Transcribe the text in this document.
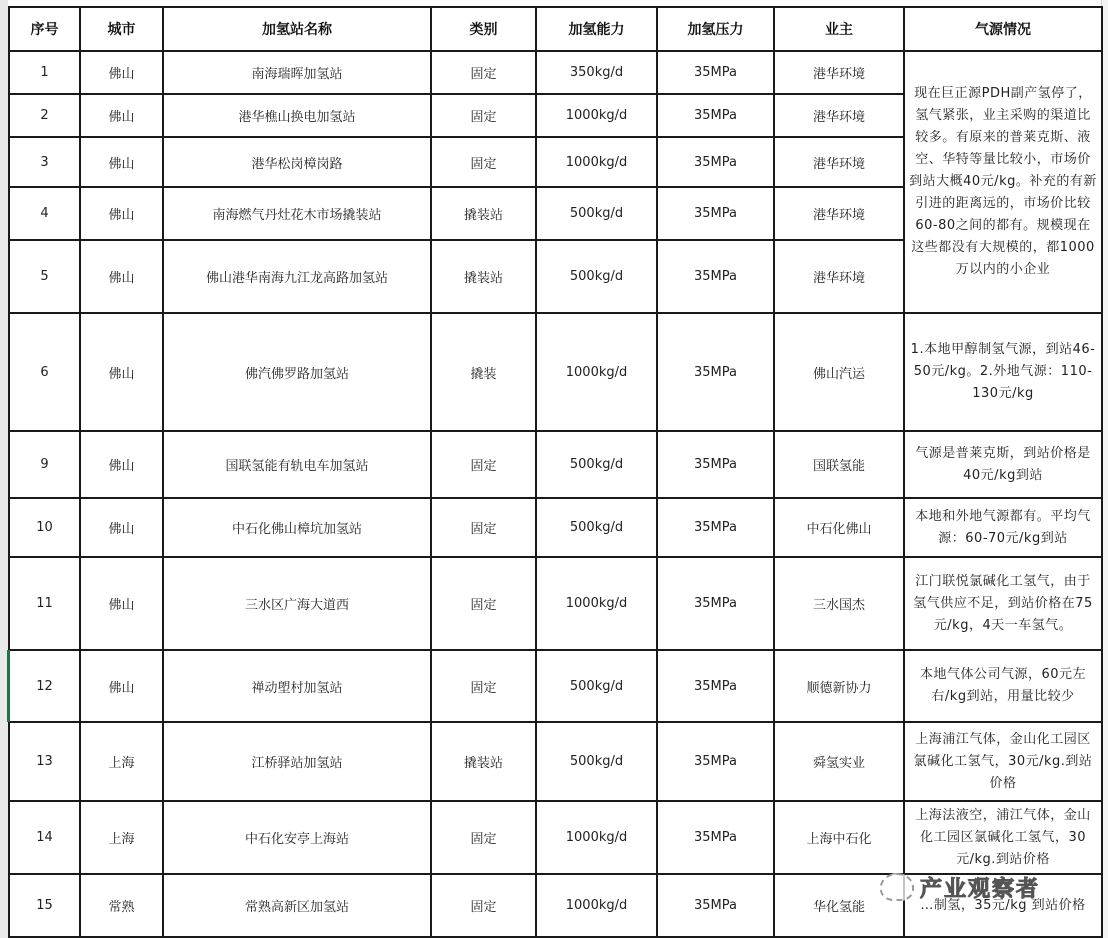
序号	城市	加氢站名称	类别	加氢能力	加氢压力	业主	气源情况
1	佛山	南海瑞晖加氢站	固定	350kg/d	35MPa	港华环境	现在巨正源PDH副产氢停了，氢气紧张，业主采购的渠道比较多。有原来的普莱克斯、液空、华特等量比较小，市场价到站大概40元/kg。补充的有新引进的距离远的，市场价比较60-80之间的都有。规模现在这些都没有大规模的，都1000万以内的小企业
2	佛山	港华樵山换电加氢站	固定	1000kg/d	35MPa	港华环境	
3	佛山	港华松岗樟岗路	固定	1000kg/d	35MPa	港华环境	
4	佛山	南海燃气丹灶花木市场撬装站	撬装站	500kg/d	35MPa	港华环境	
5	佛山	佛山港华南海九江龙高路加氢站	撬装站	500kg/d	35MPa	港华环境	
6	佛山	佛汽佛罗路加氢站	撬装	1000kg/d	35MPa	佛山汽运	1.本地甲醇制氢气源，到站46-50元/kg。2.外地气源：110-130元/kg
9	佛山	国联氢能有轨电车加氢站	固定	500kg/d	35MPa	国联氢能	气源是普莱克斯，到站价格是40元/kg到站
10	佛山	中石化佛山樟坑加氢站	固定	500kg/d	35MPa	中石化佛山	本地和外地气源都有。平均气源：60-70元/kg到站
11	佛山	三水区广海大道西	固定	1000kg/d	35MPa	三水国杰	江门联悦氯碱化工氢气，由于氢气供应不足，到站价格在75元/kg，4天一车氢气。
12	佛山	禅动塱村加氢站	固定	500kg/d	35MPa	顺德新协力	本地气体公司气源，60元左右/kg到站，用量比较少
13	上海	江桥驿站加氢站	撬装站	500kg/d	35MPa	舜氢实业	上海浦江气体，金山化工园区氯碱化工氢气，30元/kg.到站价格
14	上海	中石化安亭上海站	固定	1000kg/d	35MPa	上海中石化	上海法液空，浦江气体，金山化工园区氯碱化工氢气，30元/kg.到站价格
15	常熟	常熟高新区加氢站	固定	1000kg/d	35MPa	华化氢能	…制氢，35元/kg 到站价格
产业观察者
